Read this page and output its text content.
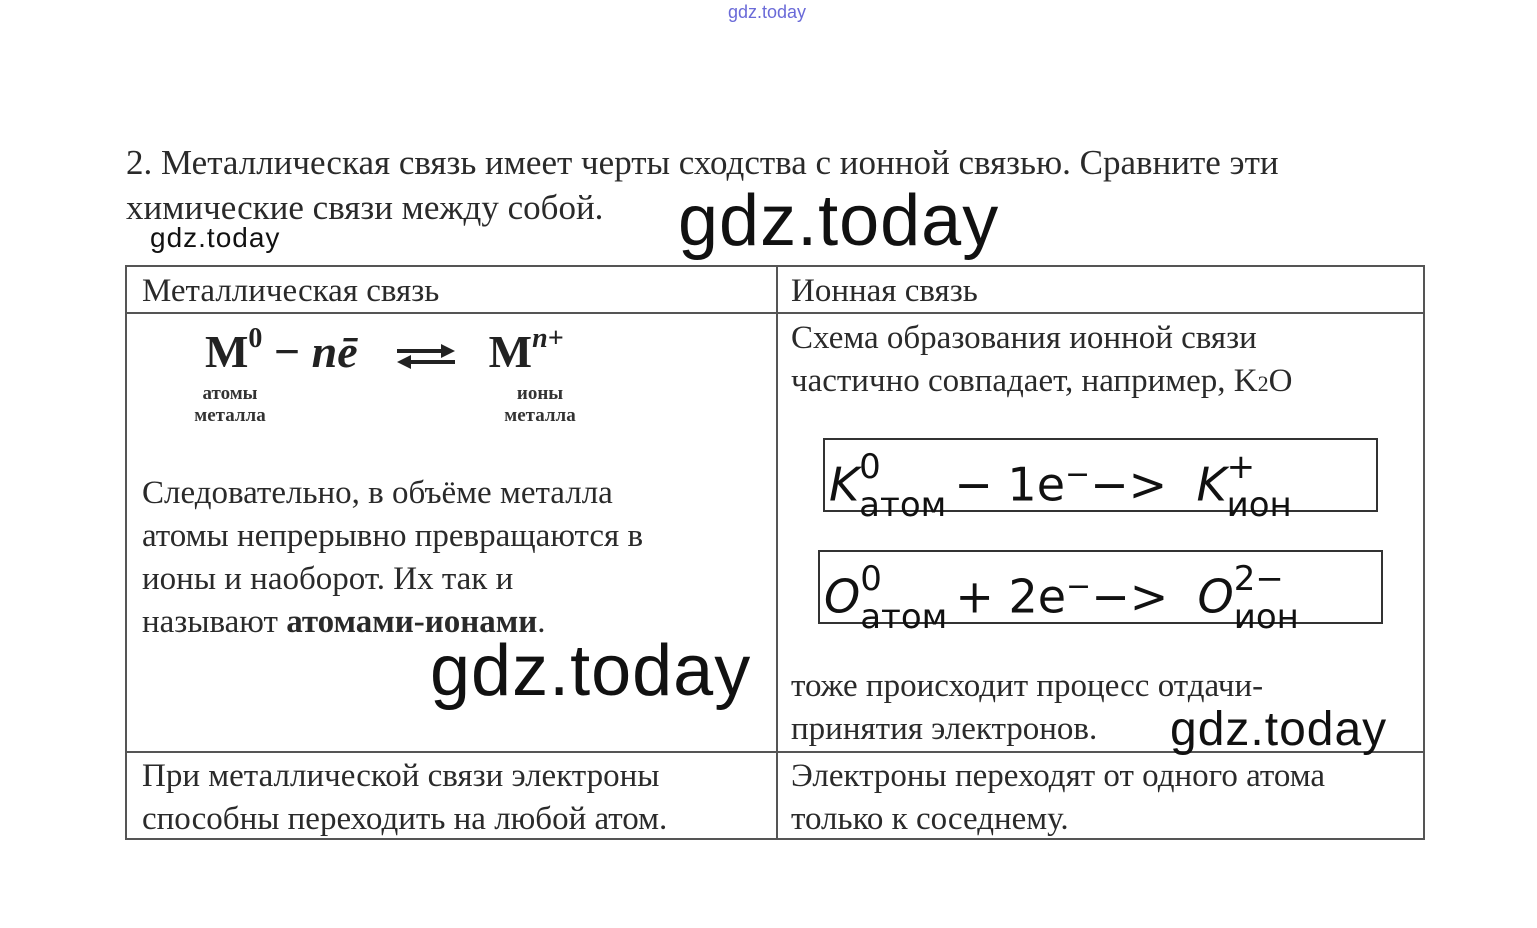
gdz.today
2. Металлическая связь имеет черты сходства с ионной связью. Сравните эти химические связи между собой.
gdz.today	gdz.today
Металлическая связь	Ионная связь
$M^0$ − nē ⇌ $M^{n+}$
атомы
металла
ионы
металла
Следовательно, в объёме металла
атомы непрерывно превращаются в
ионы и наоборот. Их так и
называют атомами-ионами.
Схема образования ионной связи
частично совпадает, например, K2O
K 0
атом − 1e−−> K +
ион
O 0
атом + 2e−−> O 2−
ион
тоже происходит процесс отдачи-
принятия электронов.
При металлической связи электроны
способны переходить на любой атом.
Электроны переходят от одного атома
только к соседнему.
gdz.today
gdz.today
